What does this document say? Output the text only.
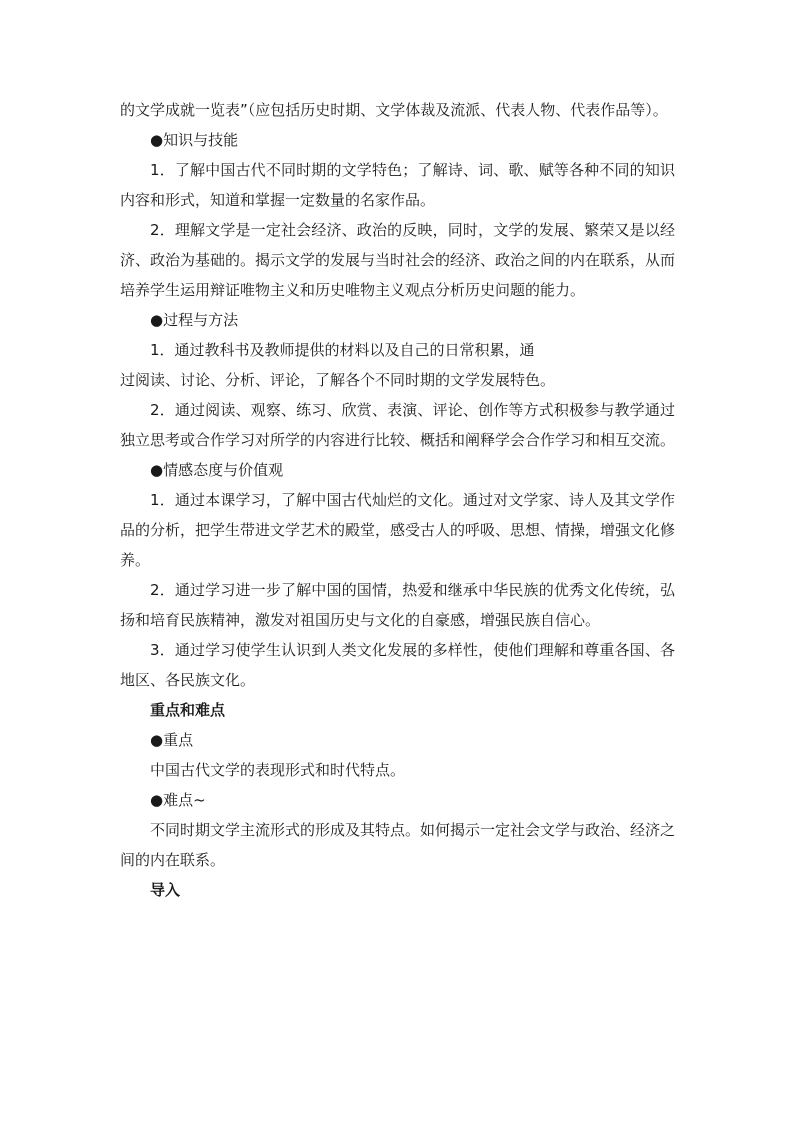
的文学成就一览表”（应包括历史时期、文学体裁及流派、代表人物、代表作品等）。

●知识与技能

1．了解中国古代不同时期的文学特色；了解诗、词、歌、赋等各种不同的知识内容和形式，知道和掌握一定数量的名家作品。

2．理解文学是一定社会经济、政治的反映，同时，文学的发展、繁荣又是以经济、政治为基础的。揭示文学的发展与当时社会的经济、政治之间的内在联系，从而培养学生运用辩证唯物主义和历史唯物主义观点分析历史问题的能力。

●过程与方法

1．通过教科书及教师提供的材料以及自己的日常积累，通

过阅读、讨论、分析、评论，了解各个不同时期的文学发展特色。

2．通过阅读、观察、练习、欣赏、表演、评论、创作等方式积极参与教学通过独立思考或合作学习对所学的内容进行比较、概括和阐释学会合作学习和相互交流。

●情感态度与价值观

1．通过本课学习，了解中国古代灿烂的文化。通过对文学家、诗人及其文学作品的分析，把学生带进文学艺术的殿堂，感受古人的呼吸、思想、情操，增强文化修养。

2．通过学习进一步了解中国的国情，热爱和继承中华民族的优秀文化传统，弘扬和培育民族精神，激发对祖国历史与文化的自豪感，增强民族自信心。

3．通过学习使学生认识到人类文化发展的多样性，使他们理解和尊重各国、各地区、各民族文化。

重点和难点

●重点

中国古代文学的表现形式和时代特点。

●难点~

不同时期文学主流形式的形成及其特点。如何揭示一定社会文学与政治、经济之间的内在联系。

导入
